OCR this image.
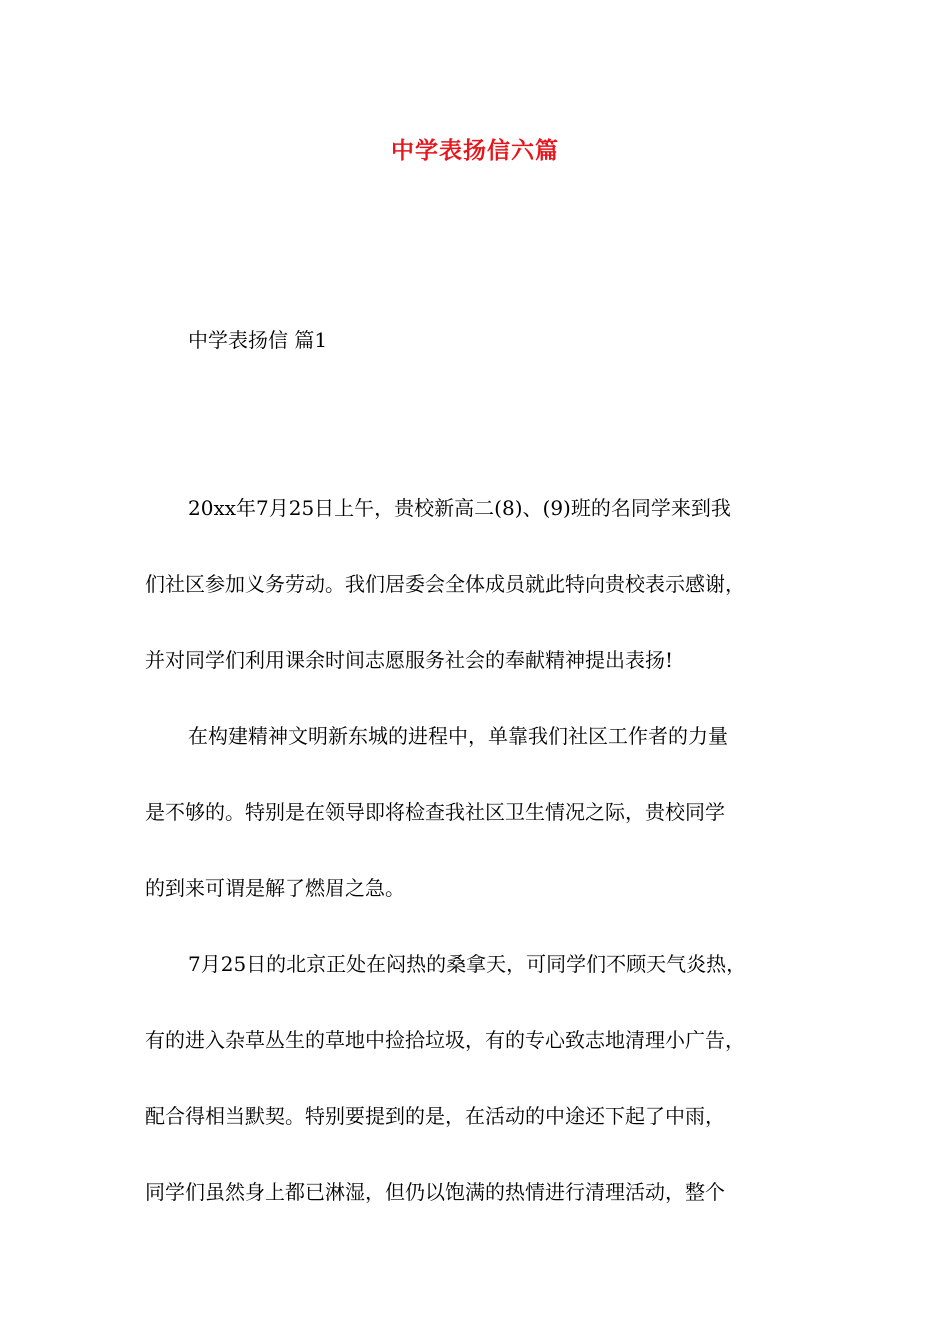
中学表扬信六篇
中学表扬信 篇1

20xx年7月25日上午，贵校新高二(8)、(9)班的名同学来到我
们社区参加义务劳动。我们居委会全体成员就此特向贵校表示感谢，
并对同学们利用课余时间志愿服务社会的奉献精神提出表扬!

在构建精神文明新东城的进程中，单靠我们社区工作者的力量
是不够的。特别是在领导即将检查我社区卫生情况之际，贵校同学
的到来可谓是解了燃眉之急。

7月25日的北京正处在闷热的桑拿天，可同学们不顾天气炎热，
有的进入杂草丛生的草地中捡拾垃圾，有的专心致志地清理小广告，
配合得相当默契。特别要提到的是，在活动的中途还下起了中雨，
同学们虽然身上都已淋湿，但仍以饱满的热情进行清理活动，整个
